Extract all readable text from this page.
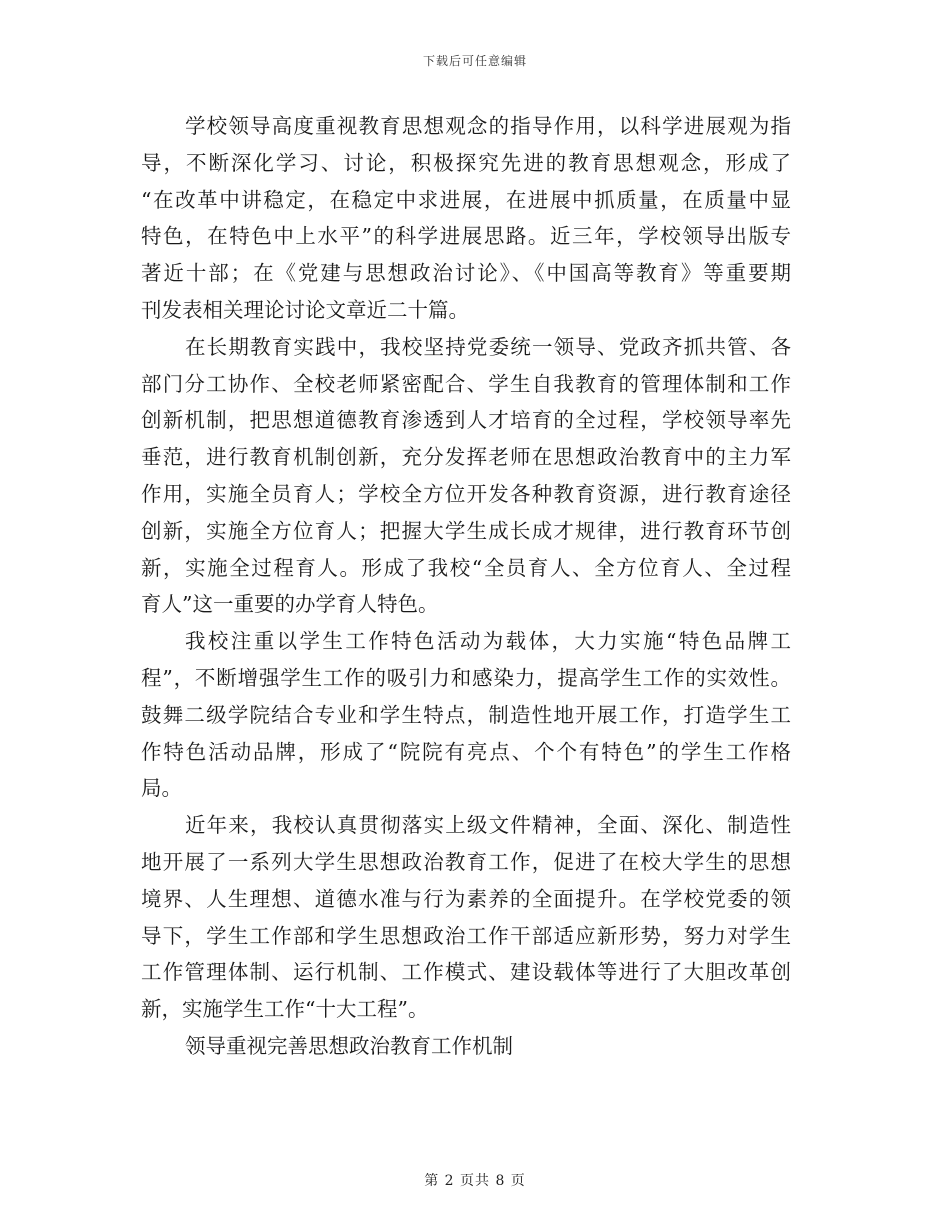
下载后可任意编辑
学校领导高度重视教育思想观念的指导作用，以科学进展观为指
导，不断深化学习、讨论，积极探究先进的教育思想观念，形成了
“在改革中讲稳定，在稳定中求进展，在进展中抓质量，在质量中显
特色，在特色中上水平”的科学进展思路。近三年，学校领导出版专
著近十部；在《党建与思想政治讨论》、《中国高等教育》等重要期
刊发表相关理论讨论文章近二十篇。
在长期教育实践中，我校坚持党委统一领导、党政齐抓共管、各
部门分工协作、全校老师紧密配合、学生自我教育的管理体制和工作
创新机制，把思想道德教育渗透到人才培育的全过程，学校领导率先
垂范，进行教育机制创新，充分发挥老师在思想政治教育中的主力军
作用，实施全员育人；学校全方位开发各种教育资源，进行教育途径
创新，实施全方位育人；把握大学生成长成才规律，进行教育环节创
新，实施全过程育人。形成了我校“全员育人、全方位育人、全过程
育人”这一重要的办学育人特色。
我校注重以学生工作特色活动为载体，大力实施“特色品牌工
程”，不断增强学生工作的吸引力和感染力，提高学生工作的实效性。
鼓舞二级学院结合专业和学生特点，制造性地开展工作，打造学生工
作特色活动品牌，形成了“院院有亮点、个个有特色”的学生工作格
局。
近年来，我校认真贯彻落实上级文件精神，全面、深化、制造性
地开展了一系列大学生思想政治教育工作，促进了在校大学生的思想
境界、人生理想、道德水准与行为素养的全面提升。在学校党委的领
导下，学生工作部和学生思想政治工作干部适应新形势，努力对学生
工作管理体制、运行机制、工作模式、建设载体等进行了大胆改革创
新，实施学生工作“十大工程”。
领导重视完善思想政治教育工作机制
第 2 页共 8 页
